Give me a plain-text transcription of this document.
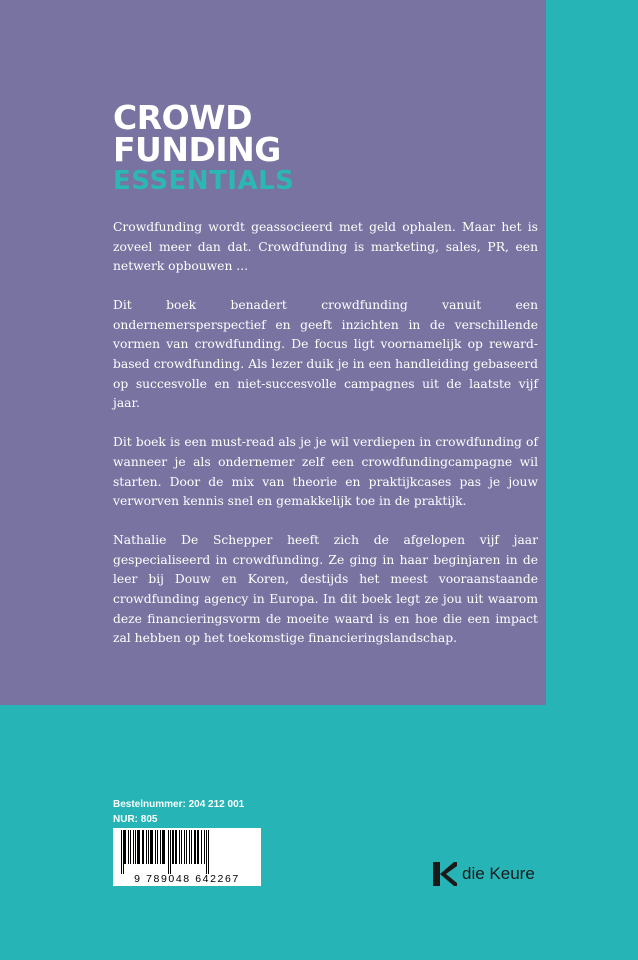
CROWD
FUNDING
ESSENTIALS

Crowdfunding wordt geassocieerd met geld ophalen. Maar het is zoveel meer dan dat. Crowdfunding is marketing, sales, PR, een netwerk opbouwen ...

Dit boek benadert crowdfunding vanuit een ondernemersperspectief en geeft inzichten in de verschillende vormen van crowdfunding. De focus ligt voornamelijk op reward-based crowdfunding. Als lezer duik je in een handleiding gebaseerd op succesvolle en niet-succesvolle campagnes uit de laatste vijf jaar.

Dit boek is een must-read als je je wil verdiepen in crowdfunding of wanneer je als ondernemer zelf een crowdfundingcampagne wil starten. Door de mix van theorie en praktijkcases pas je jouw verworven kennis snel en gemakkelijk toe in de praktijk.

Nathalie De Schepper heeft zich de afgelopen vijf jaar gespecialiseerd in crowdfunding. Ze ging in haar beginjaren in de leer bij Douw en Koren, destijds het meest vooraanstaande crowdfunding agency in Europa. In dit boek legt ze jou uit waarom deze financieringsvorm de moeite waard is en hoe die een impact zal hebben op het toekomstige financieringslandschap.

Bestelnummer: 204 212 001
NUR: 805
9 789048 642267	die Keure
